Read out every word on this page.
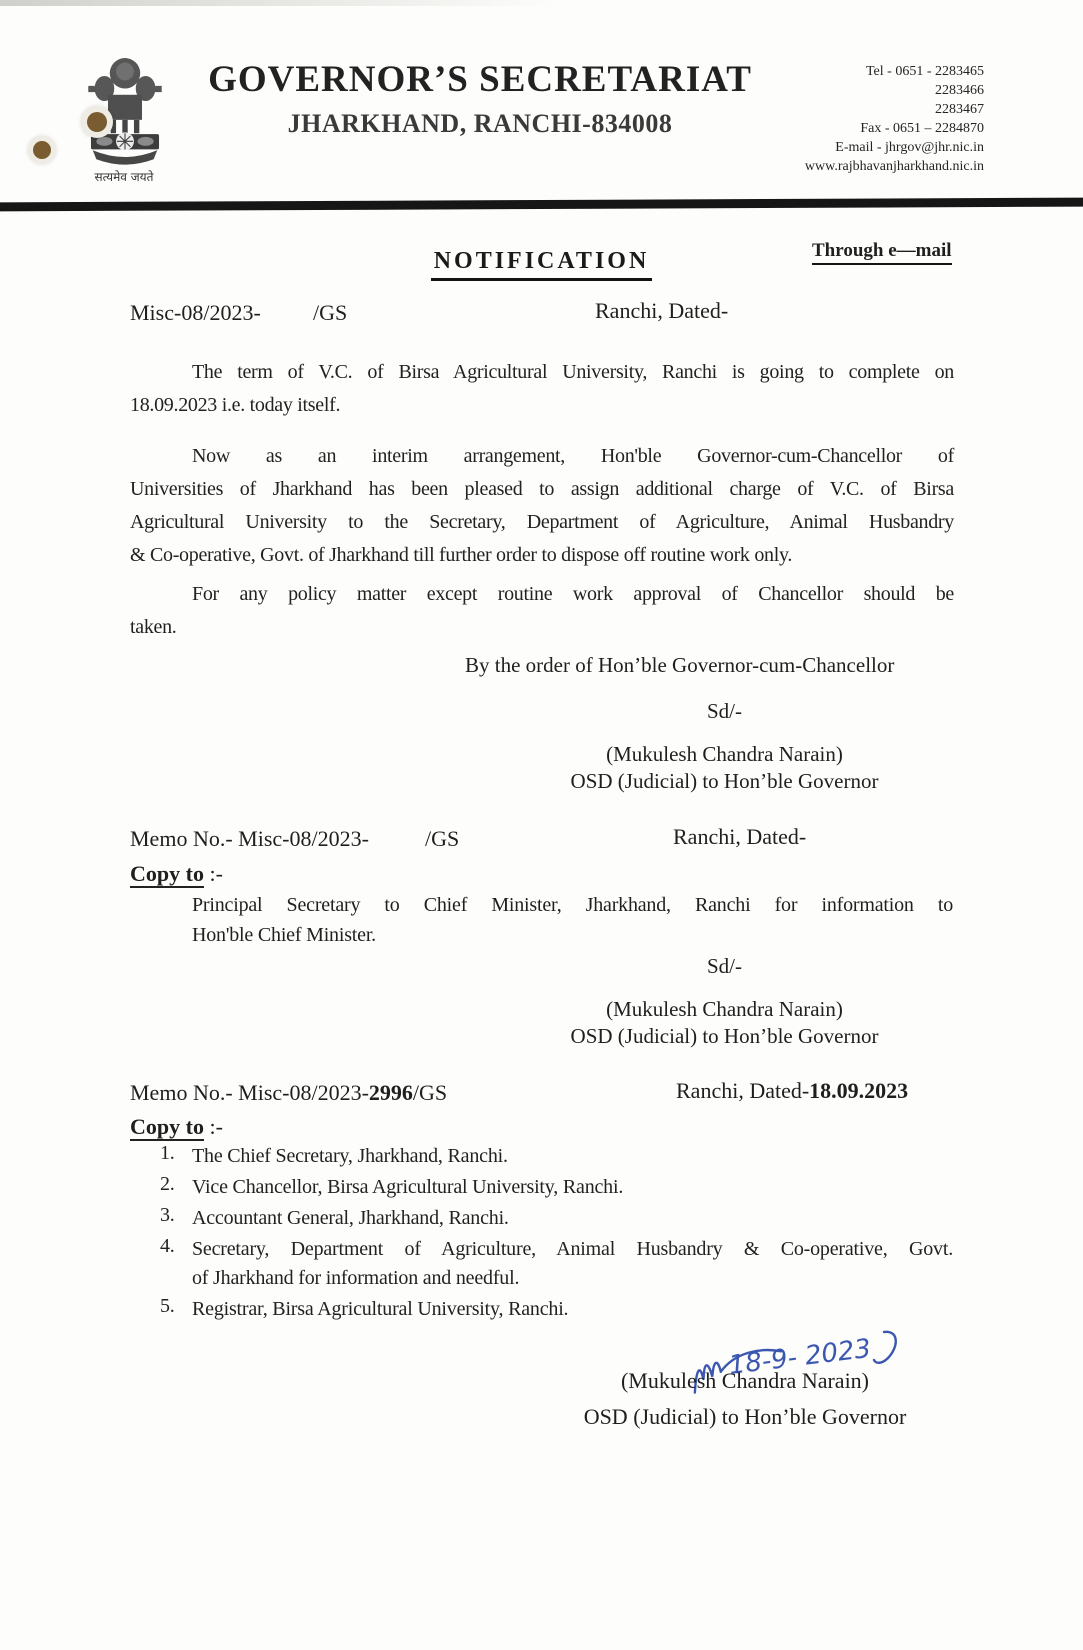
सत्यमेव जयते
GOVERNOR’S SECRETARIAT
JHARKHAND, RANCHI-834008
Tel - 0651 - 2283465
2283466
2283467
Fax - 0651 – 2284870
E-mail - jhrgov@jhr.nic.in
www.rajbhavanjharkhand.nic.in
Through e—mail
NOTIFICATION
Misc-08/2023- /GS	Ranchi, Dated-
The term of V.C. of Birsa Agricultural University, Ranchi is going to complete on
18.09.2023 i.e. today itself.
Now as an interim arrangement, Hon'ble Governor-cum-Chancellor of
Universities of Jharkhand has been pleased to assign additional charge of V.C. of Birsa
Agricultural University to the Secretary, Department of Agriculture, Animal Husbandry
& Co-operative, Govt. of Jharkhand till further order to dispose off routine work only.
For any policy matter except routine work approval of Chancellor should be
taken.
By the order of Hon’ble Governor-cum-Chancellor
Sd/-
(Mukulesh Chandra Narain)
OSD (Judicial) to Hon’ble Governor
Memo No.- Misc-08/2023-	/GS	Ranchi, Dated-
Copy to :-
Principal Secretary to Chief Minister, Jharkhand, Ranchi for information to
Hon'ble Chief Minister.
Sd/-
(Mukulesh Chandra Narain)
OSD (Judicial) to Hon’ble Governor
Memo No.- Misc-08/2023-2996/GS	Ranchi, Dated-18.09.2023
Copy to :-
1. The Chief Secretary, Jharkhand, Ranchi.
2. Vice Chancellor, Birsa Agricultural University, Ranchi.
3. Accountant General, Jharkhand, Ranchi.
4. Secretary, Department of Agriculture, Animal Husbandry & Co-operative, Govt.
of Jharkhand for information and needful.
5. Registrar, Birsa Agricultural University, Ranchi.
18-9- 2023
(Mukulesh Chandra Narain)
OSD (Judicial) to Hon’ble Governor
